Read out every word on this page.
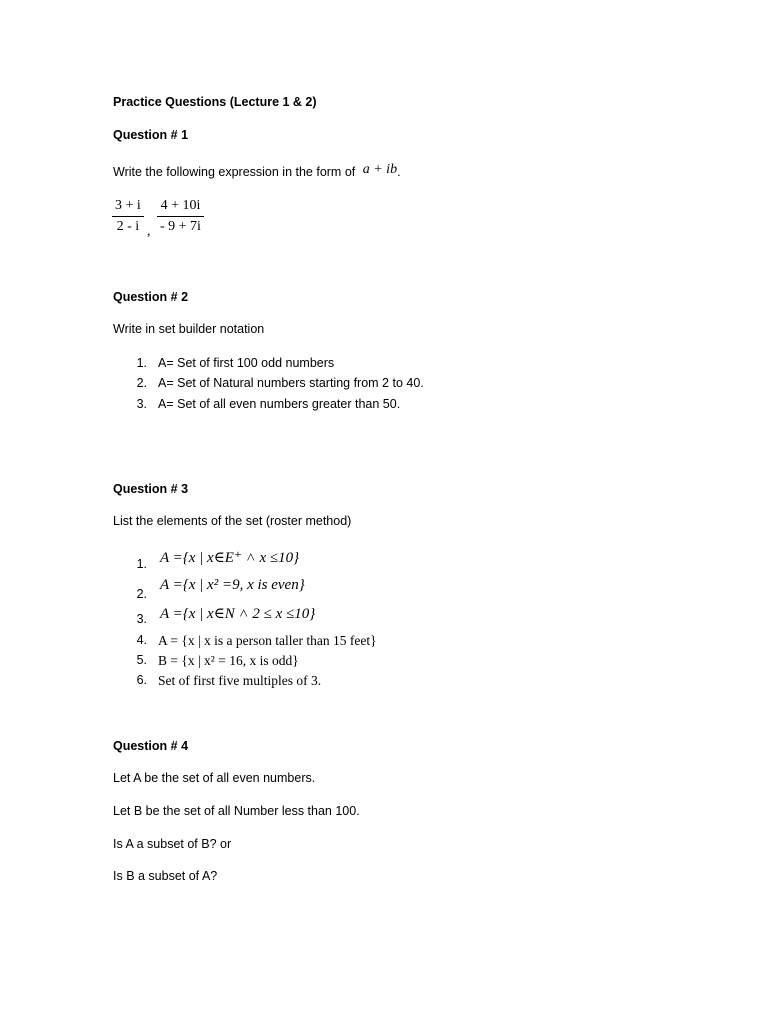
Practice Questions (Lecture 1 & 2)
Question # 1
Write the following expression in the form of a + ib.
$\frac{3 + i}{2 - i}$ , $\frac{4 + 10i}{- 9 + 7i}$
Question # 2
Write in set builder notation
1. A= Set of first 100 odd numbers
2. A= Set of Natural numbers starting from 2 to 40.
3. A= Set of all even numbers greater than 50.
Question # 3
List the elements of the set (roster method)
1. A ={x | x∈E⁺ ˄ x ≤10}
2.
A ={x | x² =9, x is even}
3. A ={x | x∈N ˄ 2 ≤ x ≤10}
4. A = {x | x is a person taller than 15 feet}
5. B = {x | x² = 16, x is odd}
6. Set of first five multiples of 3.
Question # 4
Let A be the set of all even numbers.
Let B be the set of all Number less than 100.
Is A a subset of B? or
Is B a subset of A?
